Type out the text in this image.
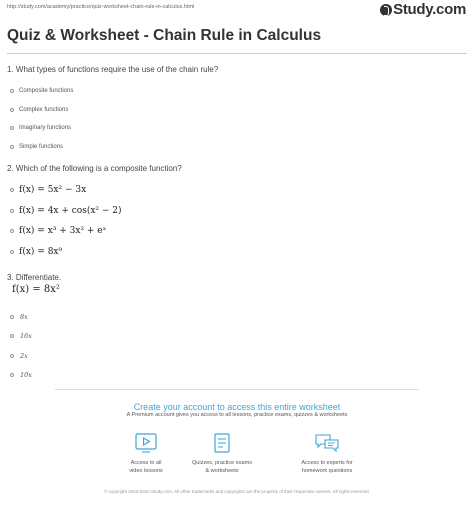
http://study.com/academy/practice/quiz-worksheet-chain-rule-in-calculus.html	Study.com
Quiz & Worksheet - Chain Rule in Calculus
1. What types of functions require the use of the chain rule?
Composite functions
Complex functions
Imaginary functions
Simple functions
2. Which of the following is a composite function?
f(x) = 5x² − 3x
f(x) = 4x + cos(x² − 2)
f(x) = x³ + 3x² + eˣ
f(x) = 8x⁹
3. Differentiate.
f(x) = 8x²
8x
16x
2x
10x
Create your account to access this entire worksheet
A Premium account gives you access to all lessons, practice exams, quizzes & worksheets
Access to all
video lessons
Quizzes, practice exams
& worksheets
Access to experts for
homework questions
© copyright 2003-2020 Study.com. All other trademarks and copyrights are the property of their respective owners. All rights reserved.
